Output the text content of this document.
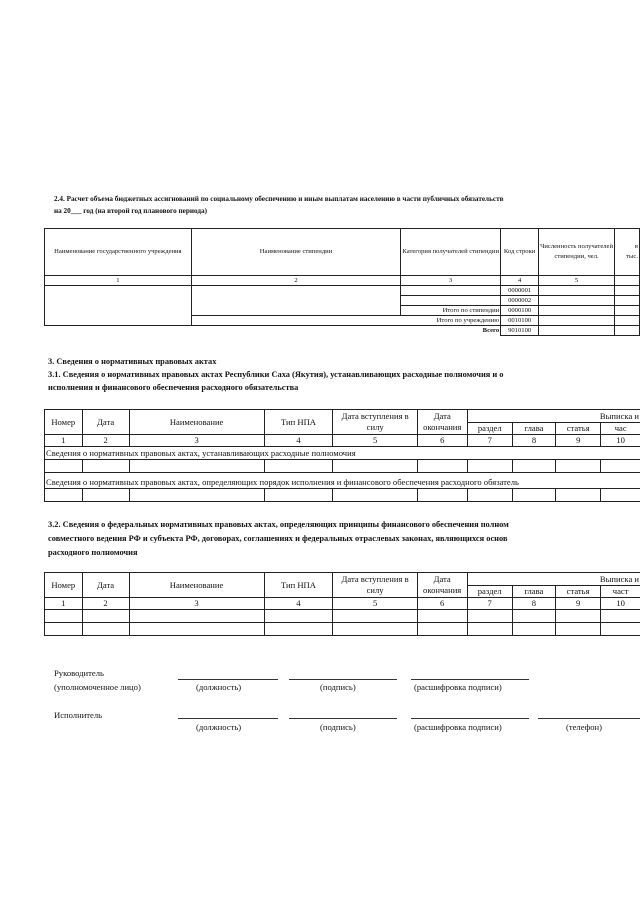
2.4. Расчет объема бюджетных ассигнований по социальному обеспечению и иным выплатам населению в части публичных обязательств
на 20___ год (на второй год планового периода)
Наименование государственного учреждения	Наименование стипендии	Категория получателей стипендии	Код строки	Численность получателей стипендии, чел.	в
тыс.
1	2	3	4	5	
			0000001		
			0000002		
		Итого по стипендии	0000100		
	Итого по учреждению		0010100		
Всего			9010100		
3. Сведения о нормативных правовых актах
3.1. Сведения о нормативных правовых актах Республики Саха (Якутия), устанавливающих расходные полномочия и о
исполнения и финансового обеспечения расходного обязательства
Номер	Дата	Наименование	Тип НПА	Дата вступления в силу	Дата окончания	Выписка и			
						раздел	глава	статья	час
1	2	3	4	5	6	7	8	9	10
Сведения о нормативных правовых актах, устанавливающих расходные полномочия									

Сведения о нормативных правовых актах, определяющих порядок исполнения и финансового обеспечения расходного обязатель									

3.2. Сведения о федеральных нормативных правовых актах, определяющих принципы финансового обеспечения полном
совместного ведения РФ и субъекта РФ, договорах, соглашениях и федеральных отраслевых законах, являющихся основ
расходного полномочия
Номер	Дата	Наименование	Тип НПА	Дата вступления в силу	Дата окончания	Выписка и			
						раздел	глава	статья	част
1	2	3	4	5	6	7	8	9	10

Руководитель
(уполномоченное лицо)	(должность)	(подпись)	(расшифровка подписи)
Исполнитель
(должность)	(подпись)	(расшифровка подписи)	(телефон)
